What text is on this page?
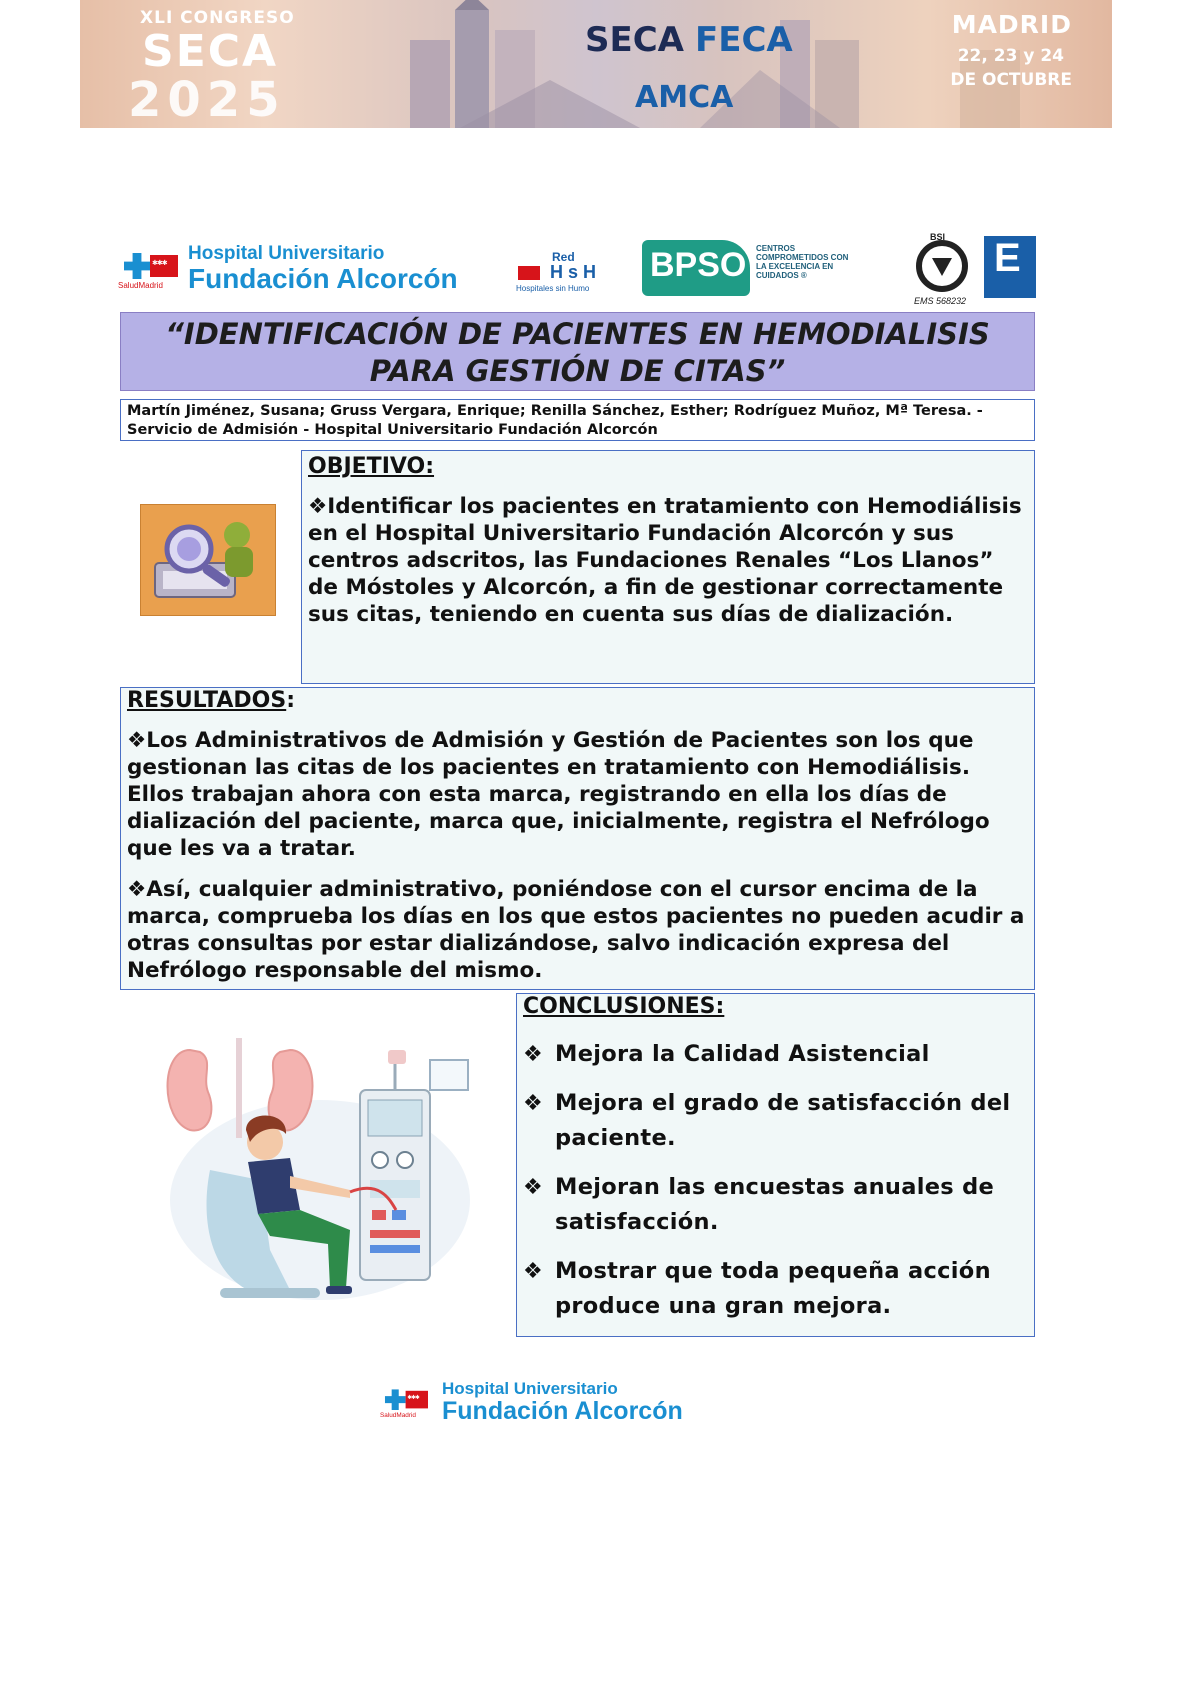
XLI CONGRESO
SECA
2025
SECA FECA
AMCA
MADRID
22, 23 y 24
DE OCTUBRE
✱✱✱
SaludMadrid
Hospital Universitario
Fundación Alcorcón
Red
H s H
Hospitales sin Humo
BPSO CENTROS COMPROMETIDOS CON LA EXCELENCIA EN CUIDADOS ®
BSI
EMS 568232
E
“IDENTIFICACIÓN DE PACIENTES EN HEMODIALISIS
PARA GESTIÓN DE CITAS”
Martín Jiménez, Susana; Gruss Vergara, Enrique; Renilla Sánchez, Esther; Rodríguez Muñoz, Mª Teresa. - Servicio de Admisión - Hospital Universitario Fundación Alcorcón
OBJETIVO:
❖Identificar los pacientes en tratamiento con Hemodiálisis en el Hospital Universitario Fundación Alcorcón y sus centros adscritos, las Fundaciones Renales “Los Llanos” de Móstoles y Alcorcón, a fin de gestionar correctamente sus citas, teniendo en cuenta sus días de dialización.
RESULTADOS:
❖Los Administrativos de Admisión y Gestión de Pacientes son los que gestionan las citas de los pacientes en tratamiento con Hemodiálisis. Ellos trabajan ahora con esta marca, registrando en ella los días de dialización del paciente, marca que, inicialmente, registra el Nefrólogo que les va a tratar.
❖Así, cualquier administrativo, poniéndose con el cursor encima de la marca, comprueba los días en los que estos pacientes no pueden acudir a otras consultas por estar dializándose, salvo indicación expresa del Nefrólogo responsable del mismo.
CONCLUSIONES:
❖ Mejora la Calidad Asistencial
❖ Mejora el grado de satisfacción del paciente.
❖ Mejoran las encuestas anuales de satisfacción.
❖ Mostrar que toda pequeña acción produce una gran mejora.
✱✱✱
SaludMadrid
Hospital Universitario
Fundación Alcorcón
